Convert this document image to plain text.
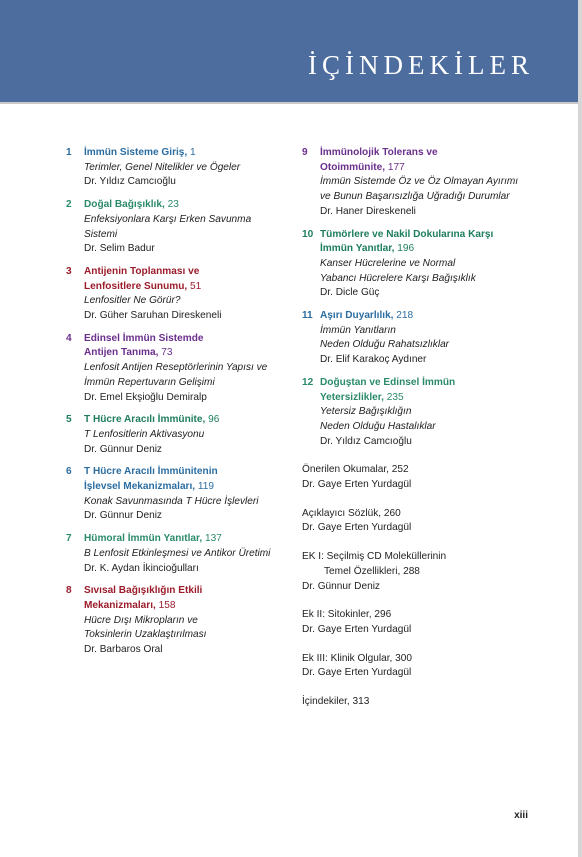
İÇİNDEKİLER
1	İmmün Sisteme Giriş, 1
Terimler, Genel Nitelikler ve Ögeler
Dr. Yıldız Camcıoğlu
2	Doğal Bağışıklık, 23
Enfeksiyonlara Karşı Erken Savunma Sistemi
Dr. Selim Badur
3	Antijenin Toplanması ve
Lenfositlere Sunumu, 51
Lenfositler Ne Görür?
Dr. Güher Saruhan Direskeneli
4	Edinsel İmmün Sistemde
Antijen Tanıma, 73
Lenfosit Antijen Reseptörlerinin Yapısı ve
İmmün Repertuvarın Gelişimi
Dr. Emel Ekşioğlu Demiralp
5	T Hücre Aracılı İmmünite, 96
T Lenfositlerin Aktivasyonu
Dr. Günnur Deniz
6	T Hücre Aracılı İmmünitenin
İşlevsel Mekanizmaları, 119
Konak Savunmasında T Hücre İşlevleri
Dr. Günnur Deniz
7	Hümoral İmmün Yanıtlar, 137
B Lenfosit Etkinleşmesi ve Antikor Üretimi
Dr. K. Aydan İkincioğulları
8	Sıvısal Bağışıklığın Etkili
Mekanizmaları, 158
Hücre Dışı Mikropların ve
Toksinlerin Uzaklaştırılması
Dr. Barbaros Oral
9	İmmünolojik Tolerans ve
Otoimmünite, 177
İmmün Sistemde Öz ve Öz Olmayan Ayırımı
ve Bunun Başarısızlığa Uğradığı Durumlar
Dr. Haner Direskeneli
10 Tümörlere ve Nakil Dokularına Karşı
İmmün Yanıtlar, 196
Kanser Hücrelerine ve Normal
Yabancı Hücrelere Karşı Bağışıklık
Dr. Dicle Güç
11 Aşırı Duyarlılık, 218
İmmün Yanıtların
Neden Olduğu Rahatsızlıklar
Dr. Elif Karakoç Aydıner
12 Doğuştan ve Edinsel İmmün
Yetersizlikler, 235
Yetersiz Bağışıklığın
Neden Olduğu Hastalıklar
Dr. Yıldız Camcıoğlu
Önerilen Okumalar, 252
Dr. Gaye Erten Yurdagül
Açıklayıcı Sözlük, 260
Dr. Gaye Erten Yurdagül
EK I: Seçilmiş CD Moleküllerinin
Temel Özellikleri, 288
Dr. Günnur Deniz
Ek II: Sitokinler, 296
Dr. Gaye Erten Yurdagül
Ek III: Klinik Olgular, 300
Dr. Gaye Erten Yurdagül
İçindekiler, 313
xiii
